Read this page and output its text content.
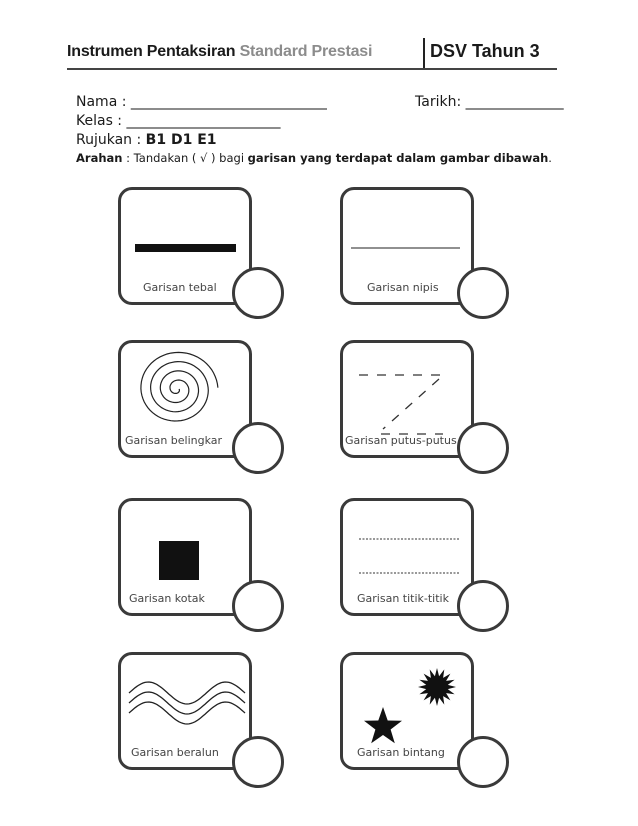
Instrumen Pentaksiran Standard Prestasi	DSV Tahun 3
Nama : ____________________________	Tarikh: ______________
Kelas : ______________________
Rujukan : B1 D1 E1
Arahan : Tandakan ( √ ) bagi garisan yang terdapat dalam gambar dibawah.
Garisan tebal	Garisan nipis
Garisan belingkar	Garisan putus-putus
Garisan kotak	Garisan titik-titik
Garisan beralun	Garisan bintang
